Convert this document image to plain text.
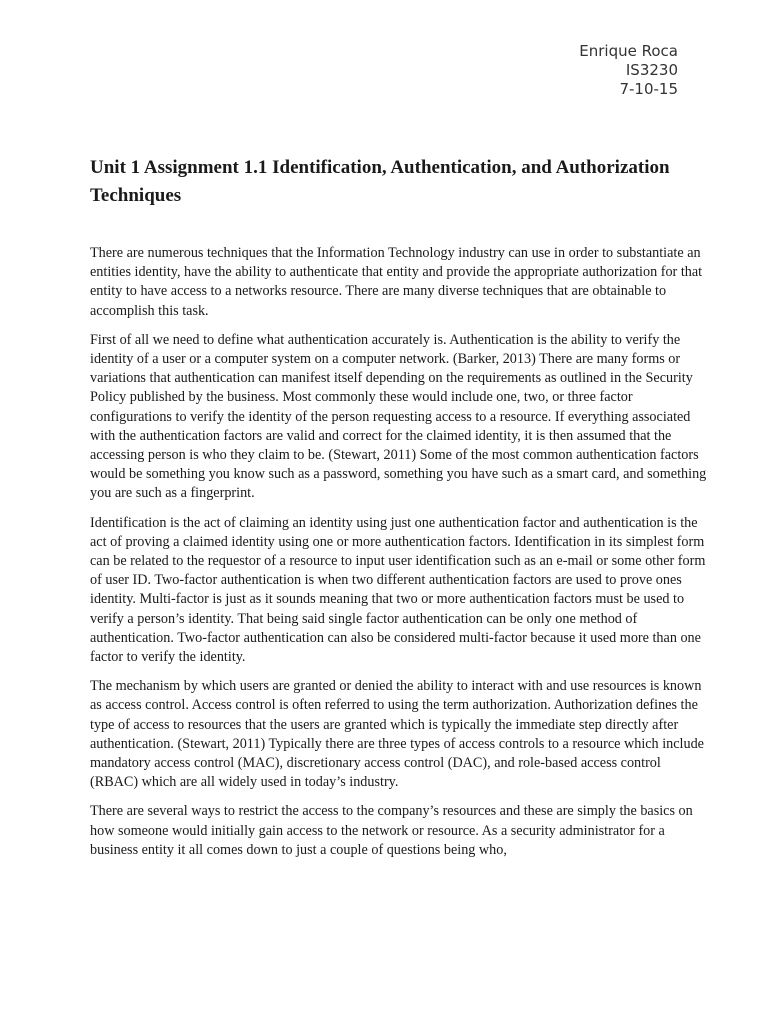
Enrique Roca
IS3230
7-10-15
Unit 1 Assignment 1.1 Identification, Authentication, and Authorization Techniques

There are numerous techniques that the Information Technology industry can use in order to substantiate an entities identity, have the ability to authenticate that entity and provide the appropriate authorization for that entity to have access to a networks resource. There are many diverse techniques that are obtainable to accomplish this task.

First of all we need to define what authentication accurately is. Authentication is the ability to verify the identity of a user or a computer system on a computer network. (Barker, 2013) There are many forms or variations that authentication can manifest itself depending on the requirements as outlined in the Security Policy published by the business. Most commonly these would include one, two, or three factor configurations to verify the identity of the person requesting access to a resource. If everything associated with the authentication factors are valid and correct for the claimed identity, it is then assumed that the accessing person is who they claim to be. (Stewart, 2011) Some of the most common authentication factors would be something you know such as a password, something you have such as a smart card, and something you are such as a fingerprint.

Identification is the act of claiming an identity using just one authentication factor and authentication is the act of proving a claimed identity using one or more authentication factors. Identification in its simplest form can be related to the requestor of a resource to input user identification such as an e-mail or some other form of user ID. Two-factor authentication is when two different authentication factors are used to prove ones identity. Multi-factor is just as it sounds meaning that two or more authentication factors must be used to verify a person’s identity. That being said single factor authentication can be only one method of authentication. Two-factor authentication can also be considered multi-factor because it used more than one factor to verify the identity.

The mechanism by which users are granted or denied the ability to interact with and use resources is known as access control. Access control is often referred to using the term authorization. Authorization defines the type of access to resources that the users are granted which is typically the immediate step directly after authentication. (Stewart, 2011) Typically there are three types of access controls to a resource which include mandatory access control (MAC), discretionary access control (DAC), and role-based access control (RBAC) which are all widely used in today’s industry.

There are several ways to restrict the access to the company’s resources and these are simply the basics on how someone would initially gain access to the network or resource. As a security administrator for a business entity it all comes down to just a couple of questions being who,
